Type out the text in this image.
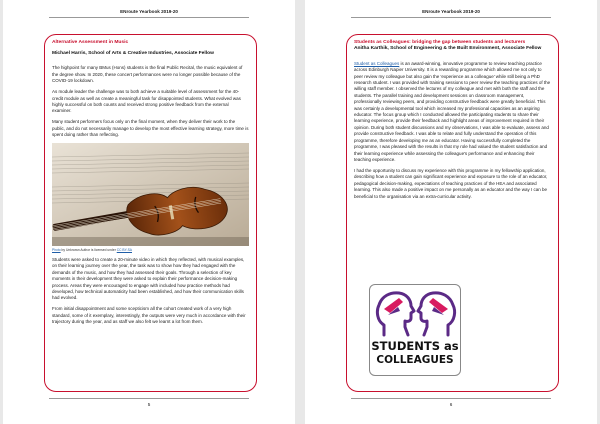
ENroute Yearbook 2019-20

Alternative Assessment in Music

Michael Harris, School of Arts & Creative Industries, Associate Fellow

The highpoint for many BMus (Hons) students is the final Public Recital, the music equivalent of the degree show. In 2020, these concert performances were no longer possible because of the COVID-19 lockdown.

As module leader the challenge was to both achieve a suitable level of assessment for the 40-credit module as well as create a meaningful task for disappointed students. What evolved was highly successful on both counts and received strong positive feedback from the external examiner.

Many student performers focus only on the final moment, when they deliver their work to the public, and do not necessarily manage to develop the most effective learning strategy, more time is spent doing rather than reflecting.

Photo by Unknown Author is licensed under CC BY-SA

Students were asked to create a 20-minute video in which they reflected, with musical examples, on their learning journey over the year, the task was to show how they had engaged with the demands of the music, and how they had assessed their goals. Through a selection of key moments in their development they were asked to explain their performance decision-making process. Areas they were encouraged to engage with included how practice methods had developed, how technical automaticity had been established, and how their communication skills had evolved.

From initial disappointment and some scepticism all the cohort created work of a very high standard, some of it exemplary, interestingly, the outputs were very much in accordance with their trajectory during the year, and as staff we also felt we learnt a lot from them.

5
ENroute Yearbook 2019-20

Students as Colleagues: bridging the gap between students and lecturers

Anitha Karthik, School of Engineering & the Built Environment, Associate Fellow

Student as Colleagues is an award-winning, innovative programme to review teaching practice across Edinburgh Napier University. It is a rewarding programme which allowed me not only to peer review my colleague but also gain the 'experience as a colleague' while still being a PhD research student. I was provided with training sessions to peer review the teaching practices of the willing staff member. I observed the lectures of my colleague and met with both the staff and the students. The parallel training and development sessions on classroom management, professionally reviewing peers, and providing constructive feedback were greatly beneficial. This was certainly a developmental tool which increased my professional capacities as an aspiring educator. The focus group which I conducted allowed the participating students to share their learning experience, provide their feedback and highlight areas of improvement required in their opinion. During both student discussions and my observations, I was able to evaluate, assess and provide constructive feedback. I was able to relate and fully understand the operation of this programme, therefore developing me as an educator. Having successfully completed the programme, I was pleased with the results in that my role had valued the student satisfaction and their learning experience while assessing the colleague's performance and enhancing their teaching experience.

I had the opportunity to discuss my experience with this programme in my fellowship application, describing how a student can gain significant experience and exposure to the role of an educator, pedagogical decision-making, expectations of teaching practices of the HEA and associated learning. This also made a positive impact on me personally as an educator and the way I can be beneficial to the organisation via an extra-curricular activity.

STUDENTS as
COLLEAGUES
6
